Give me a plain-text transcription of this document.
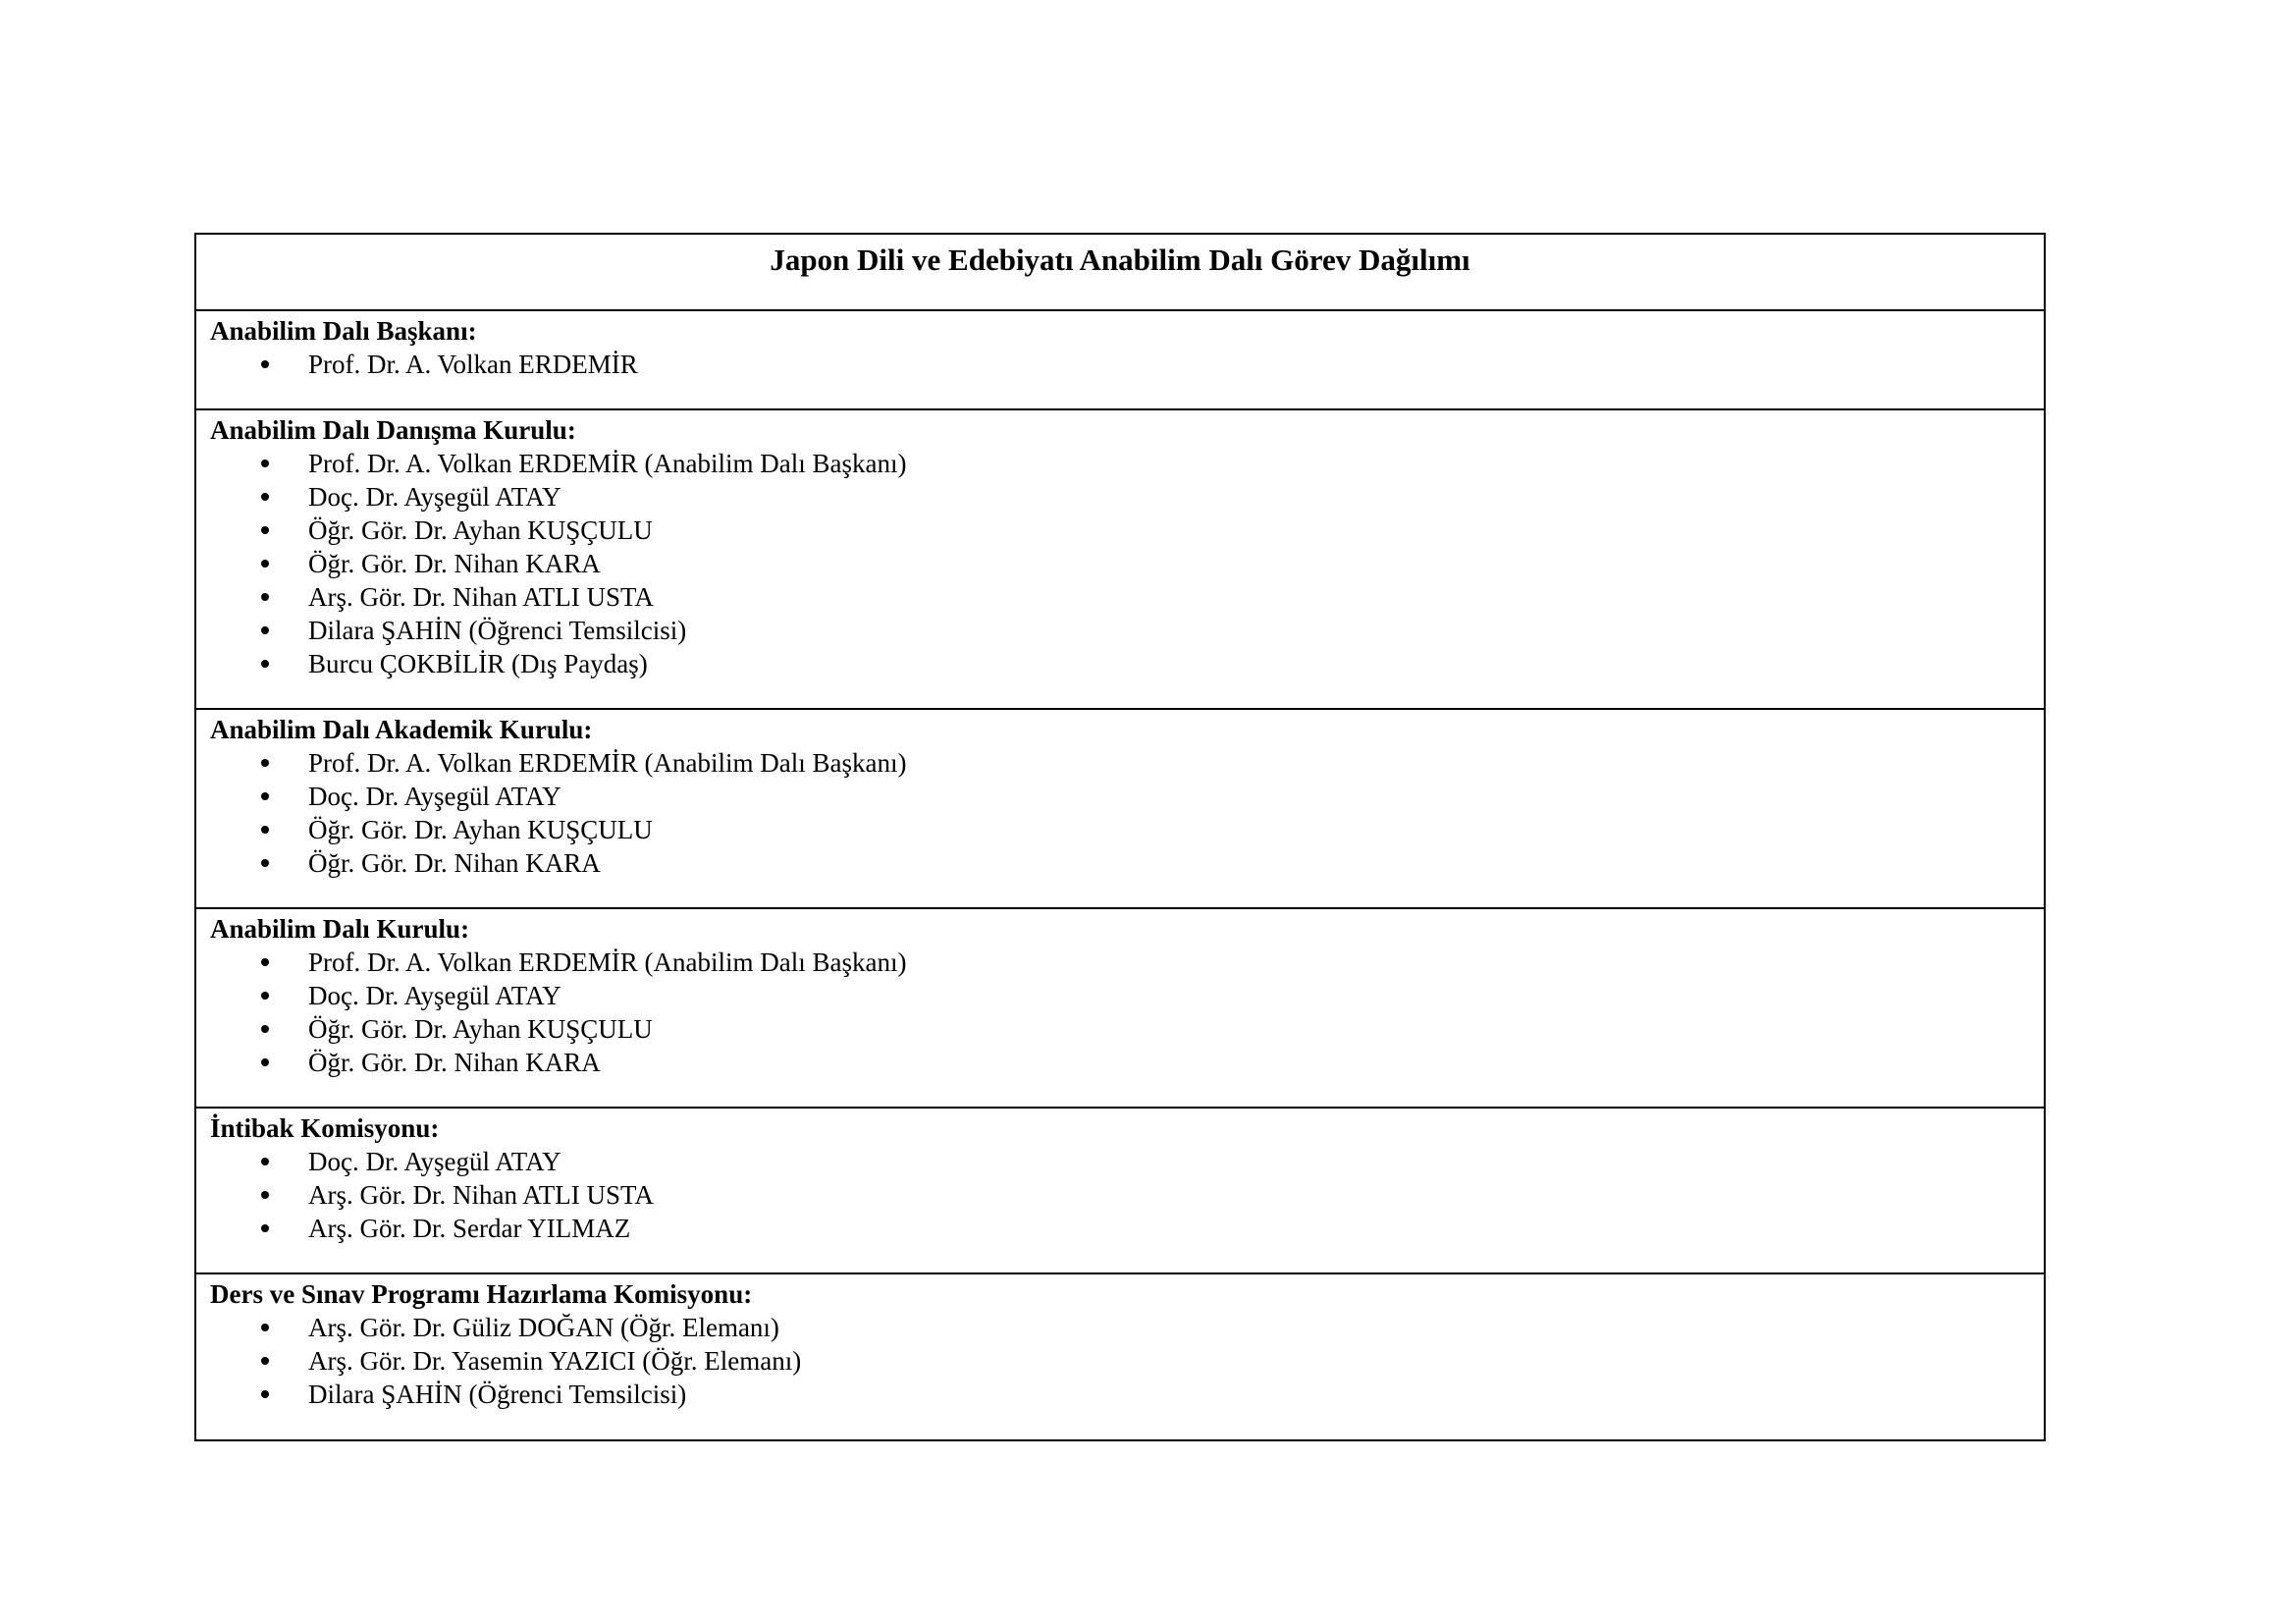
Japon Dili ve Edebiyatı Anabilim Dalı Görev Dağılımı
Anabilim Dalı Başkanı:
Prof. Dr. A. Volkan ERDEMİR
Anabilim Dalı Danışma Kurulu:
Prof. Dr. A. Volkan ERDEMİR (Anabilim Dalı Başkanı)
Doç. Dr. Ayşegül ATAY
Öğr. Gör. Dr. Ayhan KUŞÇULU
Öğr. Gör. Dr. Nihan KARA
Arş. Gör. Dr. Nihan ATLI USTA
Dilara ŞAHİN (Öğrenci Temsilcisi)
Burcu ÇOKBİLİR (Dış Paydaş)
Anabilim Dalı Akademik Kurulu:
Prof. Dr. A. Volkan ERDEMİR (Anabilim Dalı Başkanı)
Doç. Dr. Ayşegül ATAY
Öğr. Gör. Dr. Ayhan KUŞÇULU
Öğr. Gör. Dr. Nihan KARA
Anabilim Dalı Kurulu:
Prof. Dr. A. Volkan ERDEMİR (Anabilim Dalı Başkanı)
Doç. Dr. Ayşegül ATAY
Öğr. Gör. Dr. Ayhan KUŞÇULU
Öğr. Gör. Dr. Nihan KARA
İntibak Komisyonu:
Doç. Dr. Ayşegül ATAY
Arş. Gör. Dr. Nihan ATLI USTA
Arş. Gör. Dr. Serdar YILMAZ
Ders ve Sınav Programı Hazırlama Komisyonu:
Arş. Gör. Dr. Güliz DOĞAN (Öğr. Elemanı)
Arş. Gör. Dr. Yasemin YAZICI (Öğr. Elemanı)
Dilara ŞAHİN (Öğrenci Temsilcisi)
